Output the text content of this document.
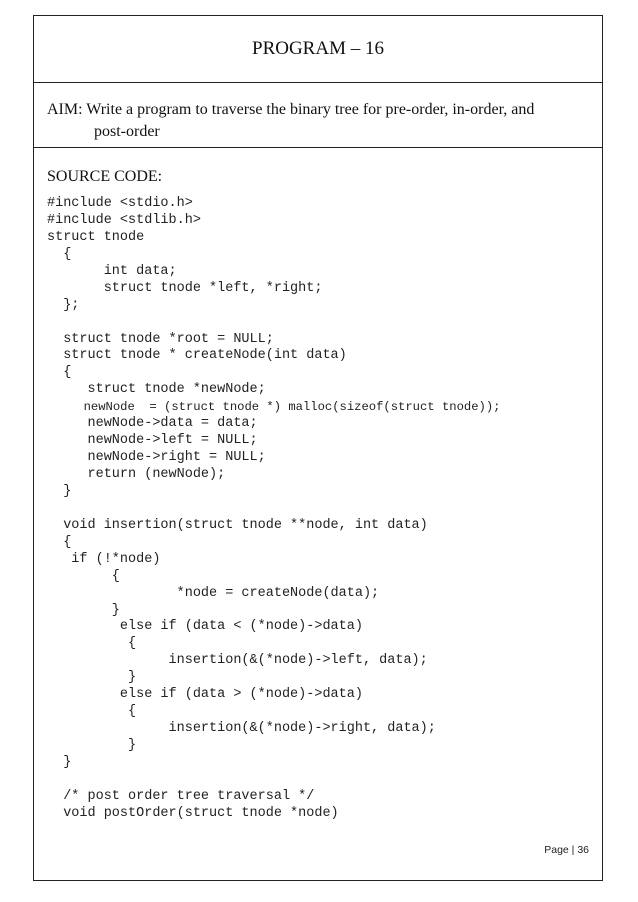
PROGRAM – 16
AIM: Write a program to traverse the binary tree for pre-order, in-order, and
post-order
SOURCE CODE:
#include <stdio.h>
#include <stdlib.h>
struct tnode
{
int data;
struct tnode *left, *right;
};
struct tnode *root = NULL;
struct tnode * createNode(int data)
{
struct tnode *newNode;
newNode  = (struct tnode *) malloc(sizeof(struct tnode));
newNode->data = data;
newNode->left = NULL;
newNode->right = NULL;
return (newNode);
}
void insertion(struct tnode **node, int data)
{
if (!*node)
{
*node = createNode(data);
}
else if (data < (*node)->data)
{
insertion(&(*node)->left, data);
}
else if (data > (*node)->data)
{
insertion(&(*node)->right, data);
}
}
/* post order tree traversal */
void postOrder(struct tnode *node)
Page | 36
